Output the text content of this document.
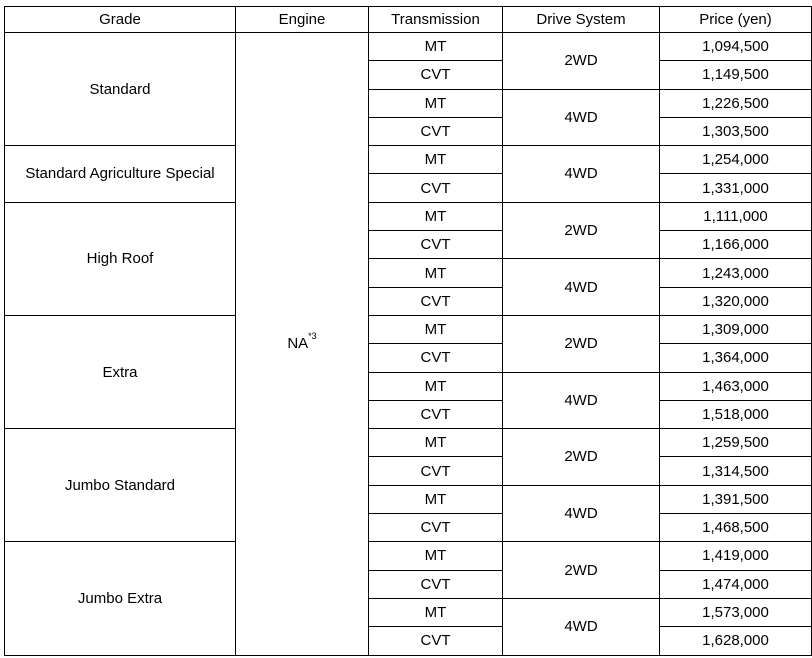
Grade	Engine	Transmission	Drive System	Price (yen)
Standard	NA$^{*3}$	MT	2WD	1,094,500
		CVT		1,149,500
		MT	4WD	1,226,500
		CVT		1,303,500
Standard Agriculture Special		MT	4WD	1,254,000
		CVT		1,331,000
High Roof		MT	2WD	1,111,000
		CVT		1,166,000
		MT	4WD	1,243,000
		CVT		1,320,000
Extra		MT	2WD	1,309,000
		CVT		1,364,000
		MT	4WD	1,463,000
		CVT		1,518,000
Jumbo Standard		MT	2WD	1,259,500
		CVT		1,314,500
		MT	4WD	1,391,500
		CVT		1,468,500
Jumbo Extra		MT	2WD	1,419,000
		CVT		1,474,000
		MT	4WD	1,573,000
		CVT		1,628,000
